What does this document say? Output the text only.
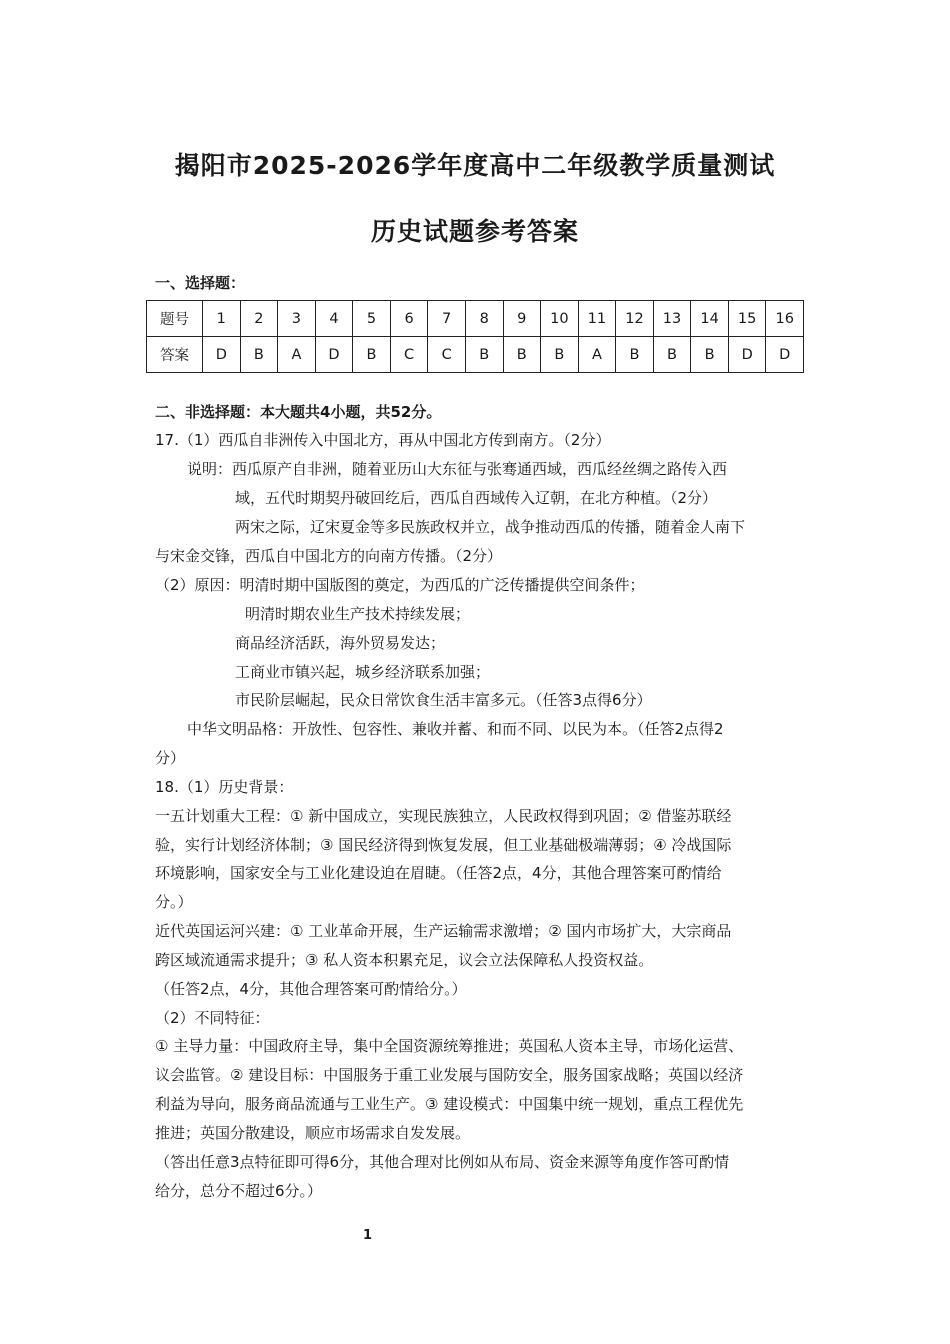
揭阳市2025-2026学年度高中二年级教学质量测试
历史试题参考答案
一、选择题：
题号	1	2	3	4	5	6	7	8	9	10	11	12	13	14	15	16
答案	D	B	A	D	B	C	C	B	B	B	A	B	B	B	D	D
二、非选择题：本大题共4小题，共52分。
17.（1）西瓜自非洲传入中国北方，再从中国北方传到南方。（2分）
说明：西瓜原产自非洲，随着亚历山大东征与张骞通西域，西瓜经丝绸之路传入西
域，五代时期契丹破回纥后，西瓜自西域传入辽朝，在北方种植。（2分）
两宋之际，辽宋夏金等多民族政权并立，战争推动西瓜的传播，随着金人南下
与宋金交锋，西瓜自中国北方的向南方传播。（2分）
（2）原因：明清时期中国版图的奠定，为西瓜的广泛传播提供空间条件；
明清时期农业生产技术持续发展；
商品经济活跃，海外贸易发达；
工商业市镇兴起，城乡经济联系加强；
市民阶层崛起，民众日常饮食生活丰富多元。（任答3点得6分）
中华文明品格：开放性、包容性、兼收并蓄、和而不同、以民为本。（任答2点得2
分）
18.（1）历史背景：
一五计划重大工程：① 新中国成立，实现民族独立，人民政权得到巩固；② 借鉴苏联经
验，实行计划经济体制；③ 国民经济得到恢复发展，但工业基础极端薄弱；④ 冷战国际
环境影响，国家安全与工业化建设迫在眉睫。（任答2点，4分，其他合理答案可酌情给
分。）
近代英国运河兴建：① 工业革命开展，生产运输需求激增；② 国内市场扩大，大宗商品
跨区域流通需求提升；③ 私人资本积累充足，议会立法保障私人投资权益。
（任答2点，4分，其他合理答案可酌情给分。）
（2）不同特征：
① 主导力量：中国政府主导，集中全国资源统筹推进；英国私人资本主导，市场化运营、
议会监管。② 建设目标：中国服务于重工业发展与国防安全，服务国家战略；英国以经济
利益为导向，服务商品流通与工业生产。③ 建设模式：中国集中统一规划，重点工程优先
推进；英国分散建设，顺应市场需求自发发展。
（答出任意3点特征即可得6分，其他合理对比例如从布局、资金来源等角度作答可酌情
给分，总分不超过6分。）
1
